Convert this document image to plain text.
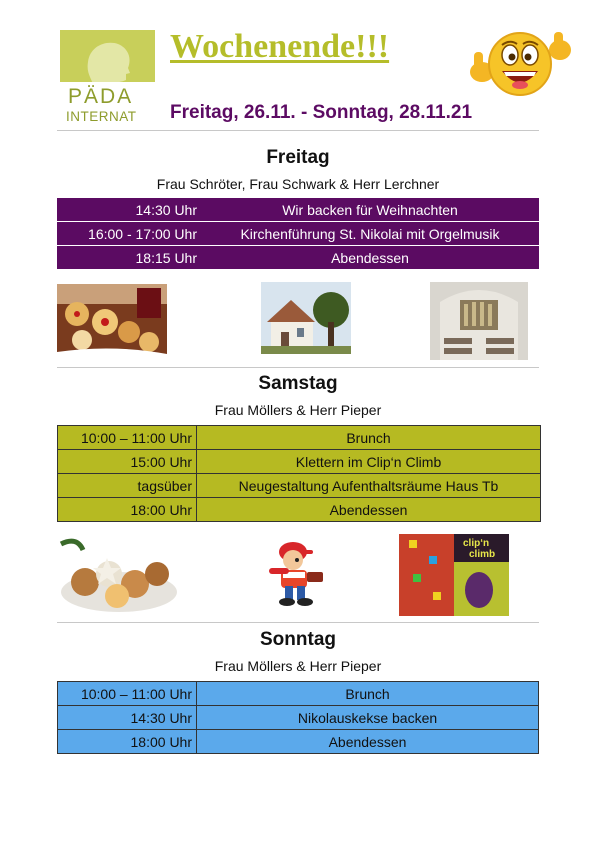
PÄDA
INTERNAT
Wochenende!!!
Freitag, 26.11. - Sonntag, 28.11.21
Freitag
Frau Schröter, Frau Schwark & Herr Lerchner
14:30 Uhr	Wir backen für Weihnachten
16:00 - 17:00 Uhr	Kirchenführung St. Nikolai mit Orgelmusik
18:15 Uhr	Abendessen
Samstag
Frau Möllers & Herr Pieper
10:00 – 11:00 Uhr	Brunch
15:00 Uhr	Klettern im Clip‘n Climb
tagsüber	Neugestaltung Aufenthaltsräume Haus Tb
18:00 Uhr	Abendessen
clip‘n
climb
Sonntag
Frau Möllers & Herr Pieper
10:00 – 11:00 Uhr	Brunch
14:30 Uhr	Nikolauskekse backen
18:00 Uhr	Abendessen
